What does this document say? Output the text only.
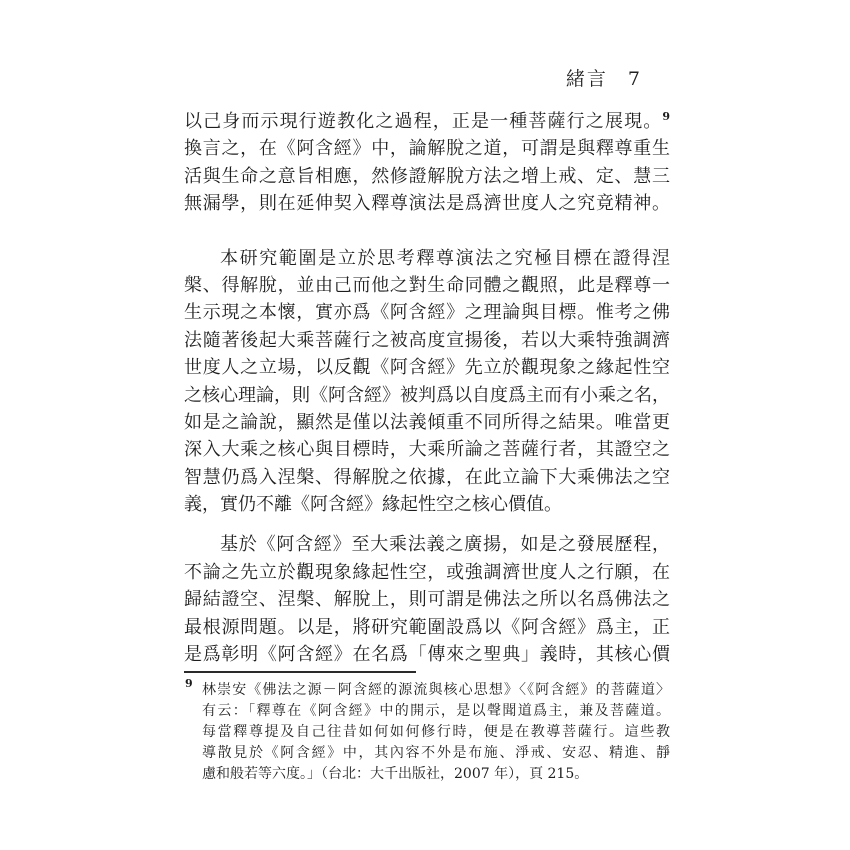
緒言 7
以己身而示現行遊教化之過程，正是一種菩薩行之展現。$^9$
換言之，在《阿含經》中，論解脫之道，可謂是與釋尊重生
活與生命之意旨相應，然修證解脫方法之增上戒、定、慧三
無漏學，則在延伸契入釋尊演法是爲濟世度人之究竟精神。
本研究範圍是立於思考釋尊演法之究極目標在證得涅
槃、得解脫，並由己而他之對生命同體之觀照，此是釋尊一
生示現之本懷，實亦爲《阿含經》之理論與目標。惟考之佛
法隨著後起大乘菩薩行之被高度宣揚後，若以大乘特強調濟
世度人之立場，以反觀《阿含經》先立於觀現象之緣起性空
之核心理論，則《阿含經》被判爲以自度爲主而有小乘之名，
如是之論說，顯然是僅以法義傾重不同所得之結果。唯當更
深入大乘之核心與目標時，大乘所論之菩薩行者，其證空之
智慧仍爲入涅槃、得解脫之依據，在此立論下大乘佛法之空
義，實仍不離《阿含經》緣起性空之核心價值。
基於《阿含經》至大乘法義之廣揚，如是之發展歷程，
不論之先立於觀現象緣起性空，或強調濟世度人之行願，在
歸結證空、涅槃、解脫上，則可謂是佛法之所以名爲佛法之
最根源問題。以是，將研究範圍設爲以《阿含經》爲主，正
是爲彰明《阿含經》在名爲「傳來之聖典」義時，其核心價
9 林崇安《佛法之源－阿含經的源流與核心思想》〈《阿含經》的菩薩道〉
有云：「釋尊在《阿含經》中的開示，是以聲聞道爲主，兼及菩薩道。
每當釋尊提及自己往昔如何如何修行時，便是在教導菩薩行。這些教
導散見於《阿含經》中，其內容不外是布施、淨戒、安忍、精進、靜
慮和般若等六度。」（台北：大千出版社，2007 年），頁 215。
